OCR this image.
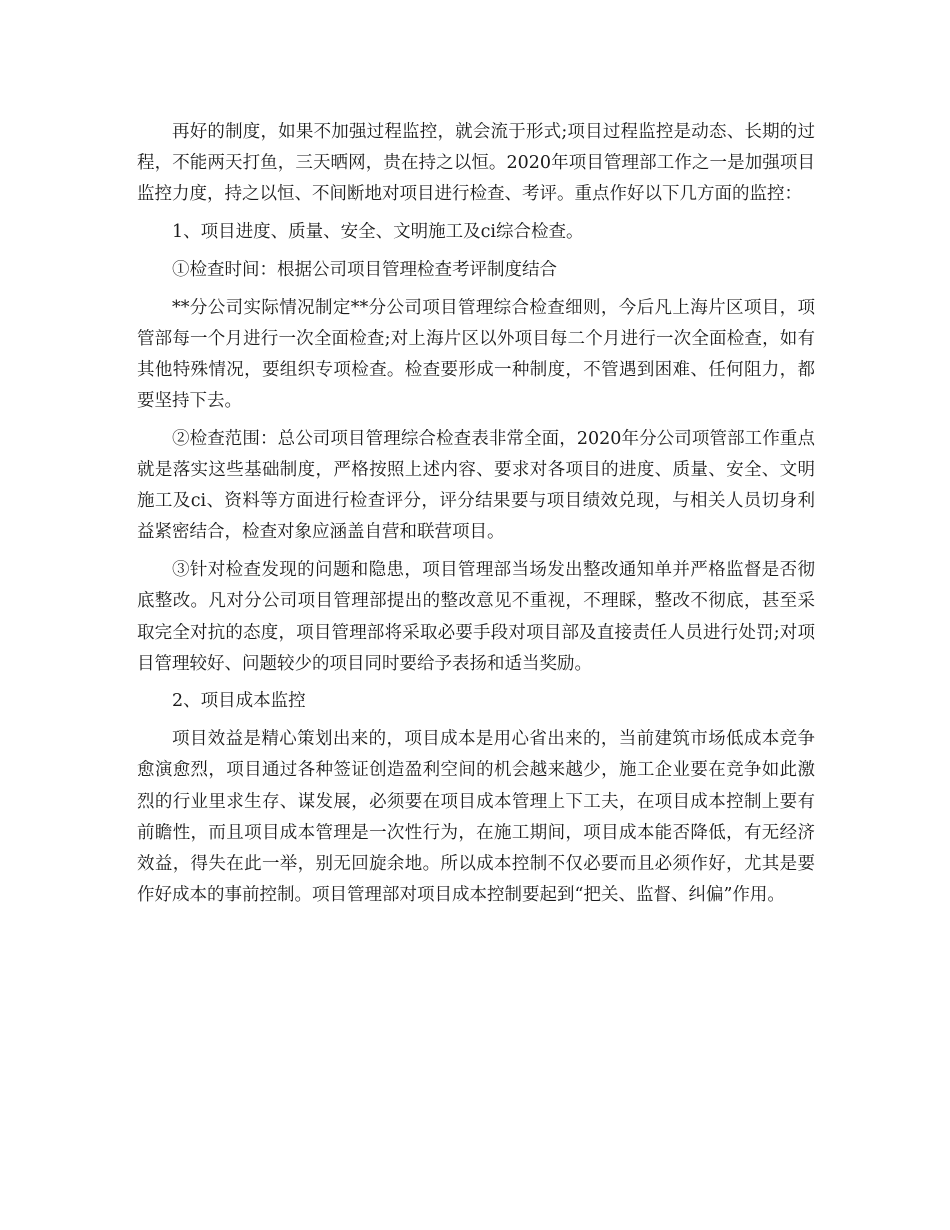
再好的制度，如果不加强过程监控，就会流于形式;项目过程监控是动态、长期的过程，不能两天打鱼，三天晒网，贵在持之以恒。2020年项目管理部工作之一是加强项目监控力度，持之以恒、不间断地对项目进行检查、考评。重点作好以下几方面的监控：

1、项目进度、质量、安全、文明施工及ci综合检查。

①检查时间：根据公司项目管理检查考评制度结合

**分公司实际情况制定**分公司项目管理综合检查细则，今后凡上海片区项目，项管部每一个月进行一次全面检查;对上海片区以外项目每二个月进行一次全面检查，如有其他特殊情况，要组织专项检查。检查要形成一种制度，不管遇到困难、任何阻力，都要坚持下去。

②检查范围：总公司项目管理综合检查表非常全面，2020年分公司项管部工作重点就是落实这些基础制度，严格按照上述内容、要求对各项目的进度、质量、安全、文明施工及ci、资料等方面进行检查评分，评分结果要与项目绩效兑现，与相关人员切身利益紧密结合，检查对象应涵盖自营和联营项目。

③针对检查发现的问题和隐患，项目管理部当场发出整改通知单并严格监督是否彻底整改。凡对分公司项目管理部提出的整改意见不重视，不理睬，整改不彻底，甚至采取完全对抗的态度，项目管理部将采取必要手段对项目部及直接责任人员进行处罚;对项目管理较好、问题较少的项目同时要给予表扬和适当奖励。

2、项目成本监控

项目效益是精心策划出来的，项目成本是用心省出来的，当前建筑市场低成本竞争愈演愈烈，项目通过各种签证创造盈利空间的机会越来越少，施工企业要在竞争如此激烈的行业里求生存、谋发展，必须要在项目成本管理上下工夫，在项目成本控制上要有前瞻性，而且项目成本管理是一次性行为，在施工期间，项目成本能否降低，有无经济效益，得失在此一举，别无回旋余地。所以成本控制不仅必要而且必须作好，尤其是要作好成本的事前控制。项目管理部对项目成本控制要起到“把关、监督、纠偏”作用。
